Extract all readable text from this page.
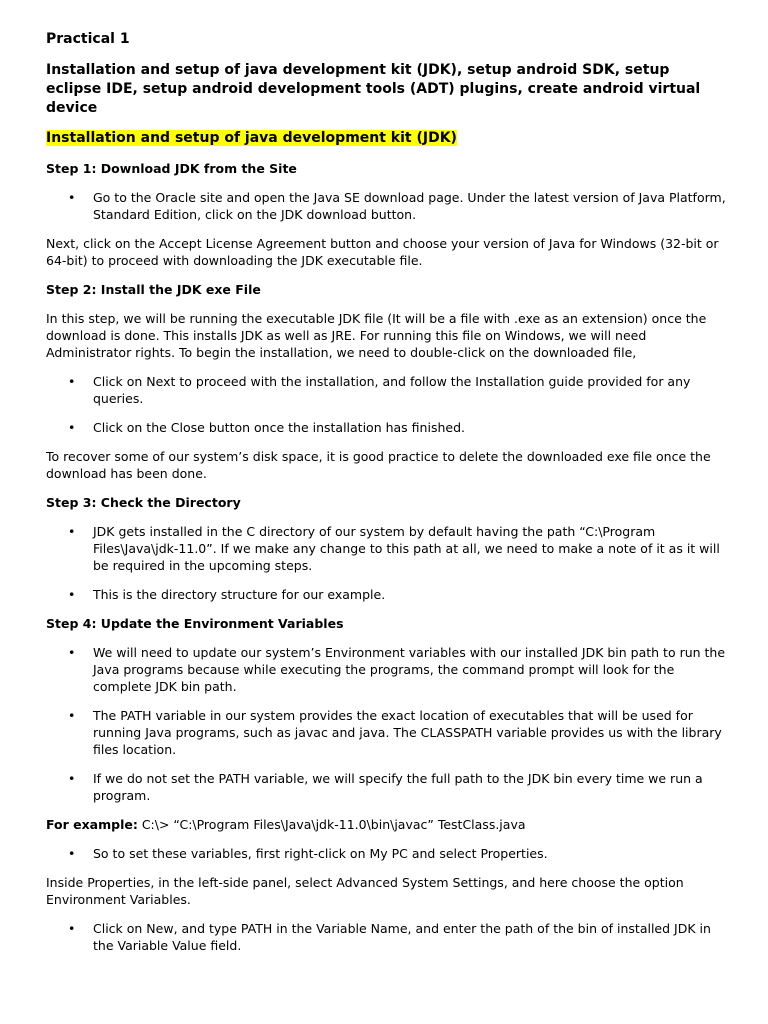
Practical 1
Installation and setup of java development kit (JDK), setup android SDK, setup eclipse IDE, setup android development tools (ADT) plugins, create android virtual device
Installation and setup of java development kit (JDK)
Step 1: Download JDK from the Site
• Go to the Oracle site and open the Java SE download page. Under the latest version of Java Platform, Standard Edition, click on the JDK download button.

Next, click on the Accept License Agreement button and choose your version of Java for Windows (32-bit or 64-bit) to proceed with downloading the JDK executable file.

Step 2: Install the JDK exe File

In this step, we will be running the executable JDK file (It will be a file with .exe as an extension) once the download is done. This installs JDK as well as JRE. For running this file on Windows, we will need Administrator rights. To begin the installation, we need to double-click on the downloaded file,

• Click on Next to proceed with the installation, and follow the Installation guide provided for any queries.
• Click on the Close button once the installation has finished.

To recover some of our system’s disk space, it is good practice to delete the downloaded exe file once the download has been done.

Step 3: Check the Directory
• JDK gets installed in the C directory of our system by default having the path “C:\Program Files\Java\jdk-11.0”. If we make any change to this path at all, we need to make a note of it as it will be required in the upcoming steps.
• This is the directory structure for our example.
Step 4: Update the Environment Variables
• We will need to update our system’s Environment variables with our installed JDK bin path to run the Java programs because while executing the programs, the command prompt will look for the complete JDK bin path.
• The PATH variable in our system provides the exact location of executables that will be used for running Java programs, such as javac and java. The CLASSPATH variable provides us with the library files location.
• If we do not set the PATH variable, we will specify the full path to the JDK bin every time we run a program.

For example: C:\> “C:\Program Files\Java\jdk-11.0\bin\javac” TestClass.java

• So to set these variables, first right-click on My PC and select Properties.

Inside Properties, in the left-side panel, select Advanced System Settings, and here choose the option Environment Variables.

• Click on New, and type PATH in the Variable Name, and enter the path of the bin of installed JDK in the Variable Value field.
